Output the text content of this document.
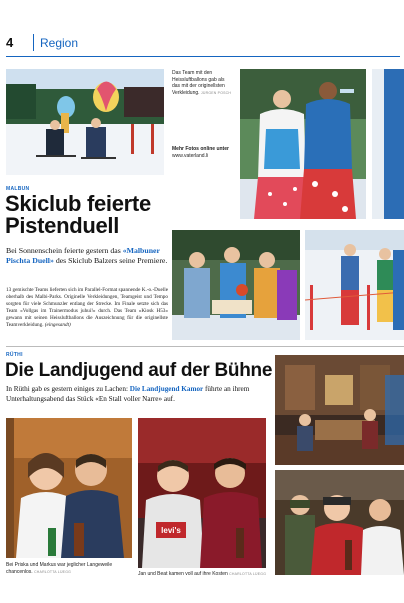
4 Region
Das Team mit den Heissluftballons gab als das mit der originellsten Verkleidung. JÜRGEN POSCH
Mehr Fotos online unter
www.vaterland.li
MALBUN
Skiclub feierte
Pistenduell
Bei Sonnenschein feierte gestern das «Malbuner Pischta Duell» des Skiclub Balzers seine Premiere.
13 gemischte Teams lieferten sich im Parallel-Format spannende K.-o.-Duelle oberhalb des Malbi-Parks. Originelle Verkleidungen, Teamgeist und Tempo sorgten für viele Schmunzler entlang der Strecke. Im Finale setzte sich das Team «Vollgas im Trainermodus juhui!» durch. Das Team «Kiosk H53» gewann mit seinen Heissluftballons die Auszeichnung für die originellste Teamverkleidung. (eingesandt)
RÜTHI
Die Landjugend auf der Bühne
In Rüthi gab es gestern einiges zu Lachen: Die Landjugend Kamor führte an ihrem Unterhaltungsabend das Stück «En Stall voller Narre» auf.
levi's
Bei Priska und Markus war jeglicher Langeweile chancenlos. CHARLOTTA LÜEGG	Jan und Beat kamen voll auf ihre Kosten CHARLOTTA LÜEGG
